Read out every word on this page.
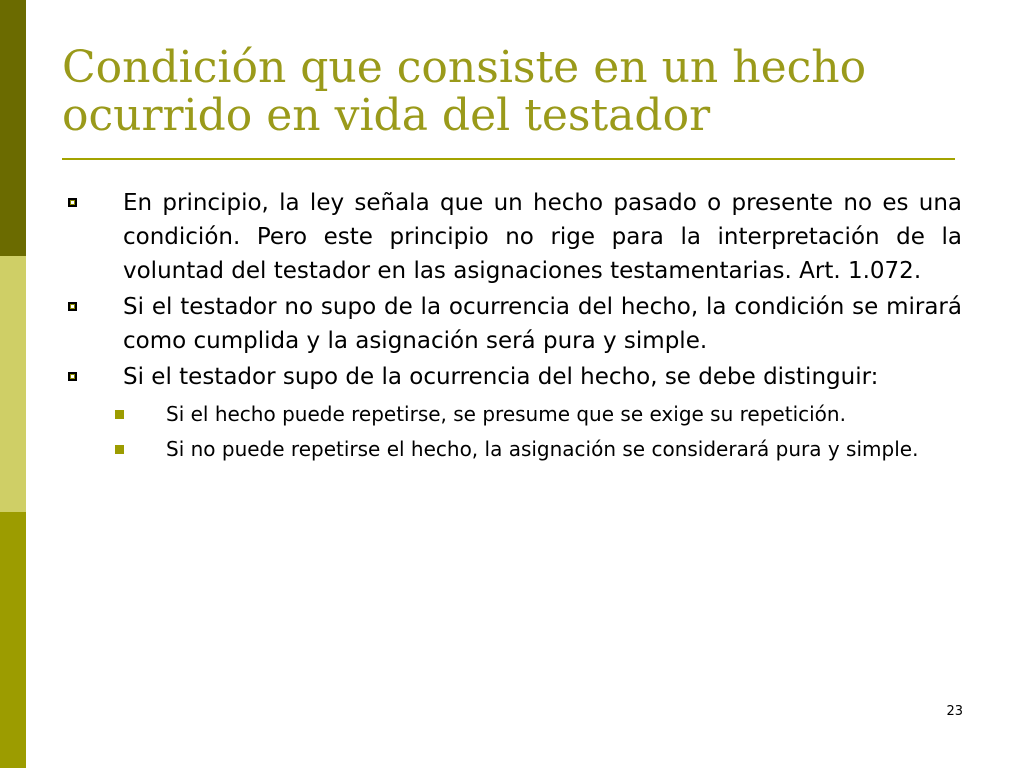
Condición que consiste en un hecho
ocurrido en vida del testador
En principio, la ley señala que un hecho pasado o presente no es una condición. Pero este principio no rige para la interpretación de la voluntad del testador en las asignaciones testamentarias. Art. 1.072.
Si el testador no supo de la ocurrencia del hecho, la condición se mirará como cumplida y la asignación será pura y simple.
Si el testador supo de la ocurrencia del hecho, se debe distinguir:
Si el hecho puede repetirse, se presume que se exige su repetición.
Si no puede repetirse el hecho, la asignación se considerará pura y simple.
23
